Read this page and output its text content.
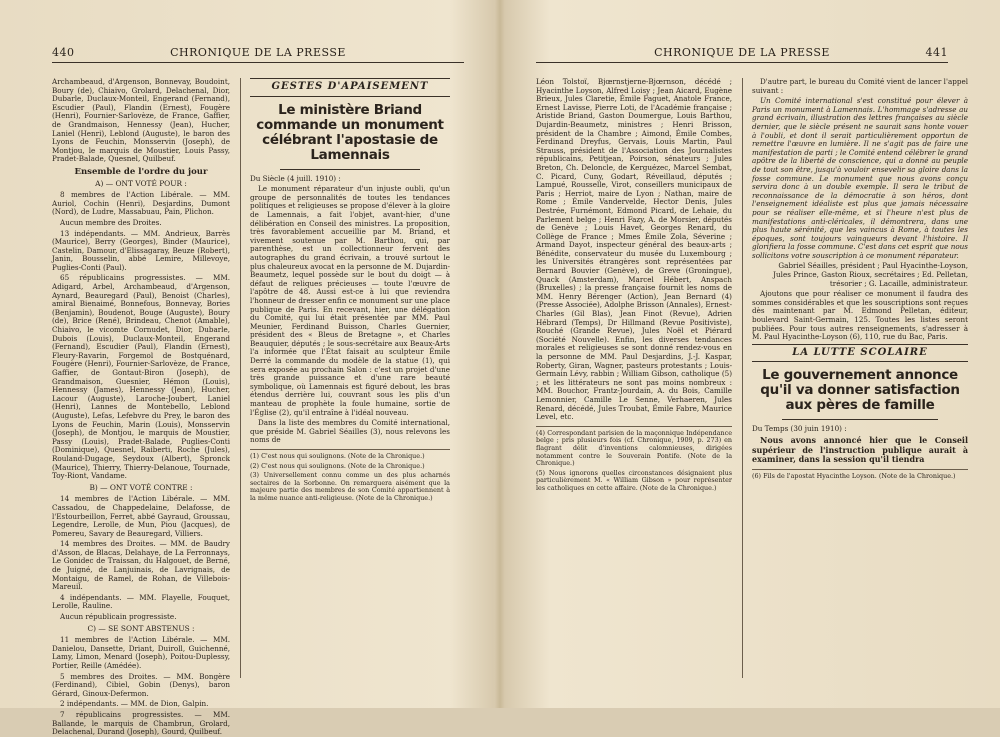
440	CHRONIQUE DE LA PRESSE

Archambeaud, d'Argenson, Bonnevay, Boudoint, Boury (de), Chiaivo, Grolard, Delachenal, Dior, Dubarle, Duclaux-Monteil, Engerand (Fernand), Escudier (Paul), Flandin (Ernest), Fougère (Henri), Fournier-Sarlovèze, de France, Gaffier, de Grandmaison, Hennessy (Jean), Hucher, Laniel (Henri), Leblond (Auguste), le baron des Lyons de Feuchin, Monsservin (Joseph), de Montjou, le marquis de Moustier, Louis Passy, Pradet-Balade, Quesnel, Quilbeuf.

Ensemble de l'ordre du jour
A) — ONT VOTÉ POUR :

8 membres de l'Action Libérale. — MM. Auriol, Cochin (Henri), Desjardins, Dumont (Nord), de Ludre, Massabuau, Pain, Plichon.

Aucun membre des Droites.

13 indépendants. — MM. Andrieux, Barrès (Maurice), Berry (Georges), Binder (Maurice), Castelin, Damour, d'Elissagaray, Beuze (Robert), Janin, Bousselin, abbé Lemire, Millevoye, Puglies-Conti (Paul).

65 républicains progressistes. — MM. Adigard, Arbel, Archambeaud, d'Argenson, Aynard, Beauregard (Paul), Benoist (Charles), amiral Bienaimé, Bonnefous, Bonnevay, Bories (Benjamin), Boudenot, Bouge (Auguste), Boury (de), Brice (René), Brindeau, Chenot (Amable), Chiaivo, le vicomte Cornudet, Dior, Dubarle, Dubois (Louis), Duclaux-Monteil, Engerand (Fernand), Escudier (Paul), Flandin (Ernest), Fleury-Ravarin, Forgemol de Bostquénard, Fougère (Henri), Fournier-Sarlovèze, de France, Gaffier, de Gontaut-Biron (Joseph), de Grandmaison, Guesnier, Hémon (Louis), Hennessy (James), Hennessy (Jean), Hucher, Lacour (Auguste), Laroche-Joubert, Laniel (Henri), Lannes de Montebello, Leblond (Auguste), Lefas, Lefebvre du Prey, le baron des Lyons de Feuchin, Marin (Louis), Monsservin (Joseph), de Montjou, le marquis de Moustier, Passy (Louis), Pradet-Balade, Puglies-Conti (Dominique), Quesnel, Raiberti, Roche (Jules), Rouland-Dugage, Seydoux (Albert), Spronck (Maurice), Thierry, Thierry-Delanoue, Tournade, Toy-Riont, Vandame.

B) — ONT VOTÉ CONTRE :

14 membres de l'Action Libérale. — MM. Cassadou, de Chappedelaine, Delafosse, de l'Estourbeillon, Ferret, abbé Gayraud, Groussau, Legendre, Lerolle, de Mun, Piou (Jacques), de Pomereu, Savary de Beauregard, Villiers.

14 membres des Droites. — MM. de Baudry d'Asson, de Blacas, Delahaye, de La Ferronnays, Le Gonidec de Traissan, du Halgouet, de Berné, de Juigné, de Lanjuinais, de Lavrignais, de Montaigu, de Ramel, de Rohan, de Villebois-Mareuil.

4 indépendants. — MM. Flayelle, Fouquet, Lerolle, Rauline.

Aucun républicain progressiste.

C) — SE SONT ABSTENUS :

11 membres de l'Action Libérale. — MM. Danielou, Dansette, Driant, Duiroll, Guichenné, Lamy, Limon, Menard (Joseph), Poitou-Duplessy, Portier, Reille (Amédée).

5 membres des Droites. — MM. Bongère (Ferdinand), Cibiel, Gobin (Denys), baron Gérard, Ginoux-Defermon.

2 indépendants. — MM. de Dion, Galpin.

7 républicains progressistes. — MM. Ballande, le marquis de Chambrun, Grolard, Delachenal, Durand (Joseph), Gourd, Quilbeuf.

GESTES D'APAISEMENT
Le ministère Briand commande un monument célébrant l'apostasie de Lamennais

Du Siècle (4 juill. 1910) :

Le monument réparateur d'un injuste oubli, qu'un groupe de personnalités de toutes les tendances politiques et religieuses se propose d'élever à la gloire de Lamennais, a fait l'objet, avant-hier, d'une délibération en Conseil des ministres. La proposition, très favorablement accueillie par M. Briand, et vivement soutenue par M. Barthou, qui, par parenthèse, est un collectionneur fervent des autographes du grand écrivain, a trouvé surtout le plus chaleureux avocat en la personne de M. Dujardin-Beaumetz, lequel possède sur le bout du doigt — à défaut de reliques précieuses — toute l'œuvre de l'apôtre de 48. Aussi est-ce à lui que reviendra l'honneur de dresser enfin ce monument sur une place publique de Paris. En recevant, hier, une délégation du Comité, qui lui était présentée par MM. Paul Meunier, Ferdinand Buisson, Charles Guernier, président des « Bleus de Bretagne », et Charles Beauquier, députés ; le sous-secrétaire aux Beaux-Arts l'a informée que l'État faisait au sculpteur Émile Derré la commande du modèle de la statue (1), qui sera exposée au prochain Salon : c'est un projet d'une très grande puissance et d'une rare beauté symbolique, où Lamennais est figuré debout, les bras étendus derrière lui, couvrant sous les plis d'un manteau de prophète la foule humaine, sortie de l'Église (2), qu'il entraîne à l'idéal nouveau.

Dans la liste des membres du Comité international, que préside M. Gabriel Séailles (3), nous relevons les noms de

(1) C'est nous qui soulignons. (Note de la Chronique.)

(2) C'est nous qui soulignons. (Note de la Chronique.)

(3) Universellement connu comme un des plus acharnés sectaires de la Sorbonne. On remarquera aisément que la majeure partie des membres de son Comité appartiennent à la même nuance anti-religieuse. (Note de la Chronique.)

CHRONIQUE DE LA PRESSE	441

Léon Tolstoï, Bjœrnstjerne-Bjœrnson, décédé ; Hyacinthe Loyson, Alfred Loisy ; Jean Aicard, Eugène Brieux, Jules Claretie, Émile Faguet, Anatole France, Ernest Lavisse, Pierre Loti, de l'Académie française ; Aristide Briand, Gaston Doumergue, Louis Barthou, Dujardin-Beaumetz, ministres ; Henri Brisson, président de la Chambre ; Aimond, Émile Combes, Ferdinand Dreyfus, Gervais, Louis Martin, Paul Strauss, président de l'Association des Journalistes républicains, Petitjean, Poirson, sénateurs ; Jules Breton, Ch. Deloncle, de Kerguézec, Marcel Sembat, C. Picard, Cuny, Godart, Réveillaud, députés ; Lampué, Rousselle, Virot, conseillers municipaux de Paris ; Herriot, maire de Lyon ; Nathan, maire de Rome ; Émile Vandervelde, Hector Denis, Jules Destrée, Furnémont, Edmond Picard, de Lehaie, du Parlement belge ; Henri Fazy, A. de Morsier, députés de Genève ; Louis Havet, Georges Renard, du Collège de France ; Mmes Émile Zola, Séverine ; Armand Dayot, inspecteur général des beaux-arts ; Bénédite, conservateur du musée du Luxembourg ; les Universités étrangères sont représentées par Bernard Bouvier (Genève), de Greve (Groningue), Quack (Amsterdam), Marcel Hébert, Anspach (Bruxelles) ; la presse française fournit les noms de MM. Henry Bérenger (Action), Jean Bernard (4) (Presse Associée), Adolphe Brisson (Annales), Ernest-Charles (Gil Blas), Jean Finot (Revue), Adrien Hébrard (Temps), Dr Hillmand (Revue Positiviste), Rouché (Grande Revue), Jules Noël et Piérard (Société Nouvelle). Enfin, les diverses tendances morales et religieuses se sont donné rendez-vous en la personne de MM. Paul Desjardins, J.-J. Kaspar, Roberty, Giran, Wagner, pasteurs protestants ; Louis-Germain Lévy, rabbin ; William Gibson, catholique (5) ; et les littérateurs ne sont pas moins nombreux : MM. Bouchor, Frantz-Jourdain, A. du Bois, Camille Lemonnier, Camille Le Senne, Verhaeren, Jules Renard, décédé, Jules Troubat, Émile Fabre, Maurice Level, etc.

(4) Correspondant parisien de la maçonnique Indépendance belge ; pris plusieurs fois (cf. Chronique, 1909, p. 273) en flagrant délit d'inventions calomnieuses, dirigées notamment contre le Souverain Pontife. (Note de la Chronique.)

(5) Nous ignorons quelles circonstances désignaient plus particulièrement M. « William Gibson » pour représenter les catholiques en cette affaire. (Note de la Chronique.)

D'autre part, le bureau du Comité vient de lancer l'appel suivant :

Un Comité international s'est constitué pour élever à Paris un monument à Lamennais. L'hommage s'adresse au grand écrivain, illustration des lettres françaises au siècle dernier, que le siècle présent ne saurait sans honte vouer à l'oubli, et dont il serait particulièrement opportun de remettre l'œuvre en lumière. Il ne s'agit pas de faire une manifestation de parti ; le Comité entend célébrer le grand apôtre de la liberté de conscience, qui a donné au peuple de tout son être, jusqu'à vouloir ensevelir sa gloire dans la fosse commune. Le monument que nous avons conçu servira donc à un double exemple. Il sera le tribut de reconnaissance de la démocratie à son héros, dont l'enseignement idéaliste est plus que jamais nécessaire pour se réaliser elle-même, et si l'heure n'est plus de manifestations anti-cléricales, il démontrera, dans une plus haute sérénité, que les vaincus à Rome, à toutes les époques, sont toujours vainqueurs devant l'histoire. Il glorifiera la fosse commune. C'est dans cet esprit que nous sollicitons votre souscription à ce monument réparateur.

Gabriel Séailles, président ; Paul Hyacinthe-Loyson, Jules Prince, Gaston Rioux, secrétaires ; Ed. Pelletan, trésorier ; G. Lacaille, administrateur.

Ajoutons que pour réaliser ce monument il faudra des sommes considérables et que les souscriptions sont reçues dès maintenant par M. Edmond Pelletan, éditeur, boulevard Saint-Germain, 125. Toutes les listes seront publiées. Pour tous autres renseignements, s'adresser à M. Paul Hyacinthe-Loyson (6), 110, rue du Bac, Paris.

LA LUTTE SCOLAIRE
Le gouvernement annonce qu'il va donner satisfaction aux pères de famille

Du Temps (30 juin 1910) :

Nous avons annoncé hier que le Conseil supérieur de l'instruction publique aurait à examiner, dans la session qu'il tiendra

(6) Fils de l'apostat Hyacinthe Loyson. (Note de la Chronique.)
